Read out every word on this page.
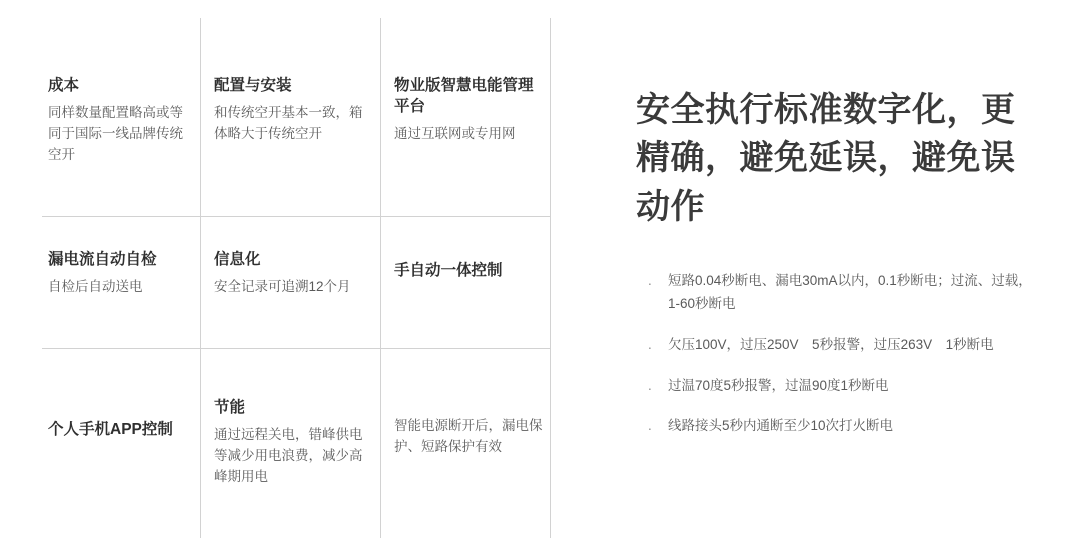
成本

同样数量配置略高或等同于国际一线品牌传统空开

配置与安装

和传统空开基本一致，箱体略大于传统空开

物业版智慧电能管理平台

通过互联网或专用网

漏电流自动自检

自检后自动送电

信息化

安全记录可追溯12个月

手自动一体控制

个人手机APP控制

节能

通过远程关电，错峰供电等减少用电浪费，减少高峰期用电

智能电源断开后，漏电保护、短路保护有效

安全执行标准数字化，更精确，避免延误，避免误动作
. 短路0.04秒断电、漏电30mA以内，0.1秒断电；过流、过载，1-60秒断电
. 欠压100V，过压250V　5秒报警，过压263V　1秒断电
. 过温70度5秒报警，过温90度1秒断电
. 线路接头5秒内通断至少10次打火断电
